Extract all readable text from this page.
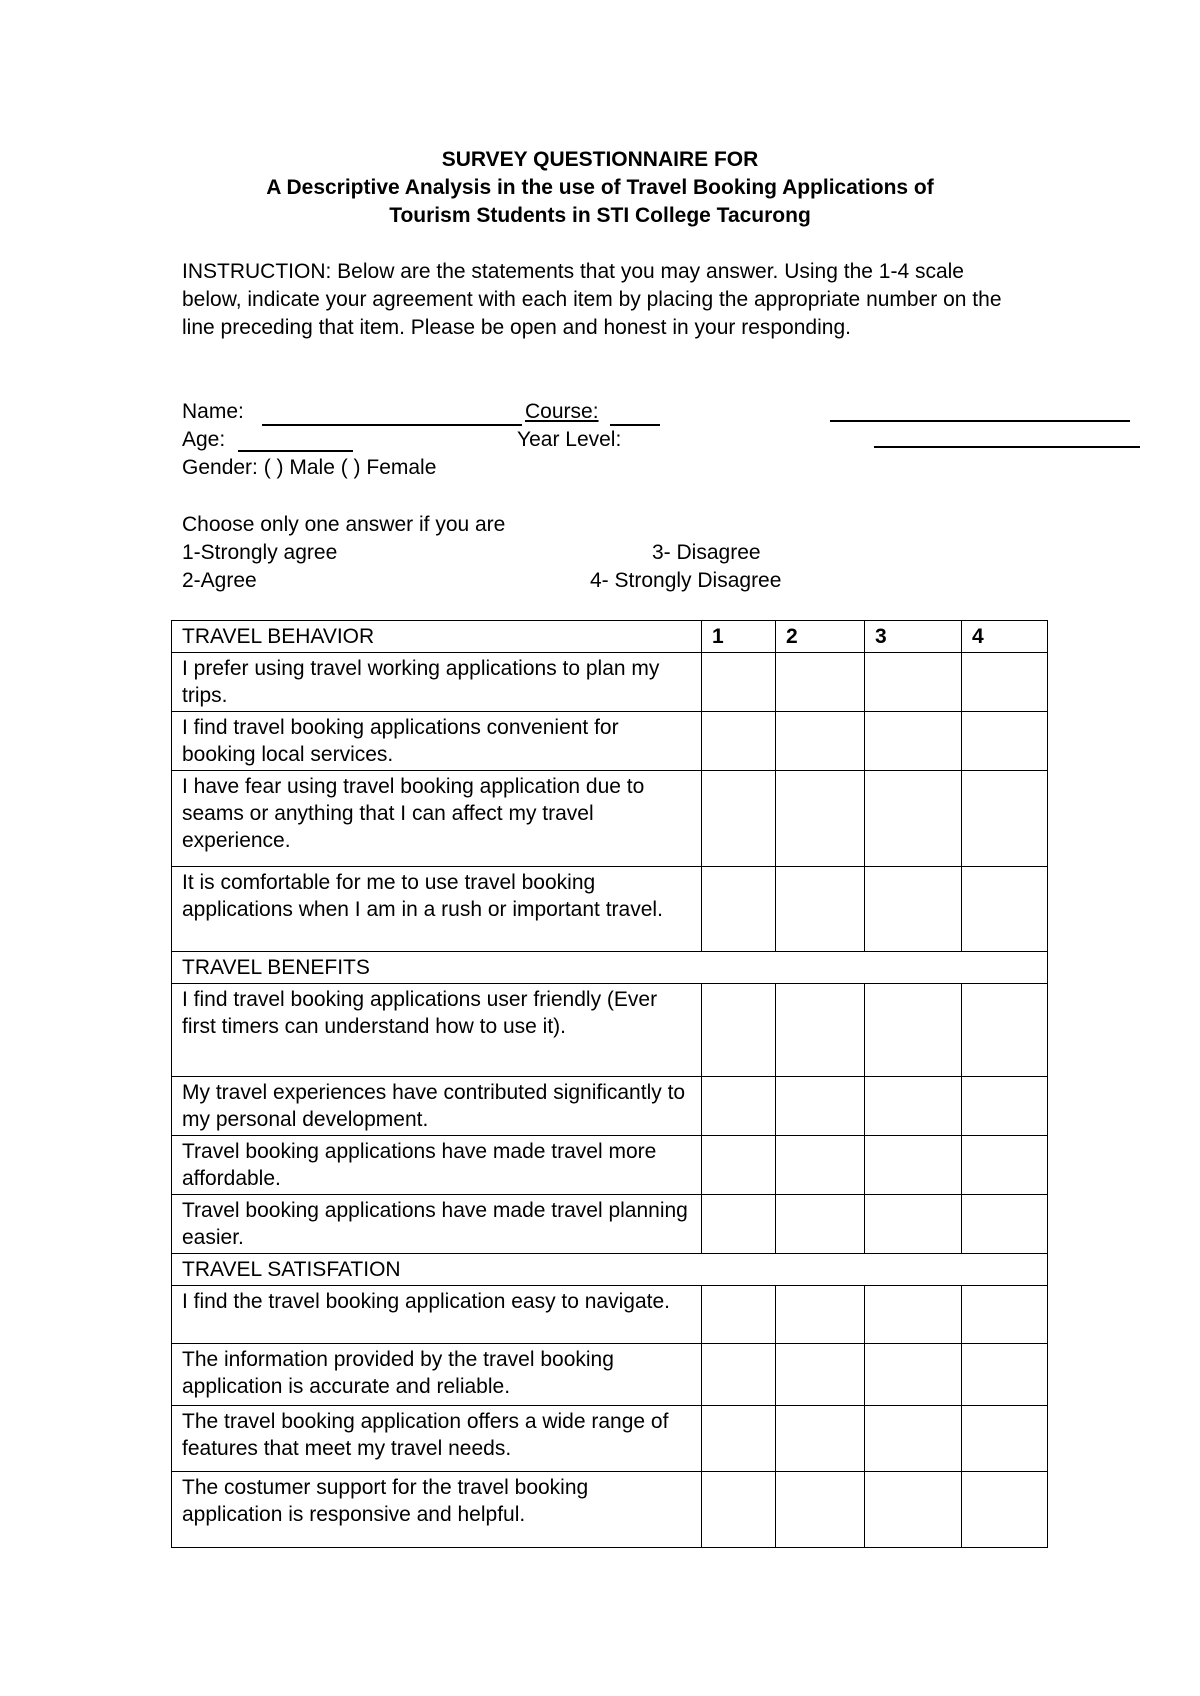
SURVEY QUESTIONNAIRE FOR
A Descriptive Analysis in the use of Travel Booking Applications of
Tourism Students in STI College Tacurong
INSTRUCTION: Below are the statements that you may answer. Using the 1-4 scale below, indicate your agreement with each item by placing the appropriate number on the line preceding that item. Please be open and honest in your responding.
Name:	Course:
Age:	Year Level:
Gender: ( ) Male ( ) Female
Choose only one answer if you are
1-Strongly agree	3- Disagree
2-Agree	4- Strongly Disagree
TRAVEL BEHAVIOR	1	2	3	4
I prefer using travel working applications to plan my trips.				
I find travel booking applications convenient for booking local services.				
I have fear using travel booking application due to seams or anything that I can affect my travel experience.				
It is comfortable for me to use travel booking applications when I am in a rush or important travel.				
TRAVEL BENEFITS				
I find travel booking applications user friendly (Ever first timers can understand how to use it).				
My travel experiences have contributed significantly to my personal development.				
Travel booking applications have made travel more affordable.				
Travel booking applications have made travel planning easier.				
TRAVEL SATISFATION				
I find the travel booking application easy to navigate.				
The information provided by the travel booking application is accurate and reliable.				
The travel booking application offers a wide range of features that meet my travel needs.				
The costumer support for the travel booking application is responsive and helpful.				
